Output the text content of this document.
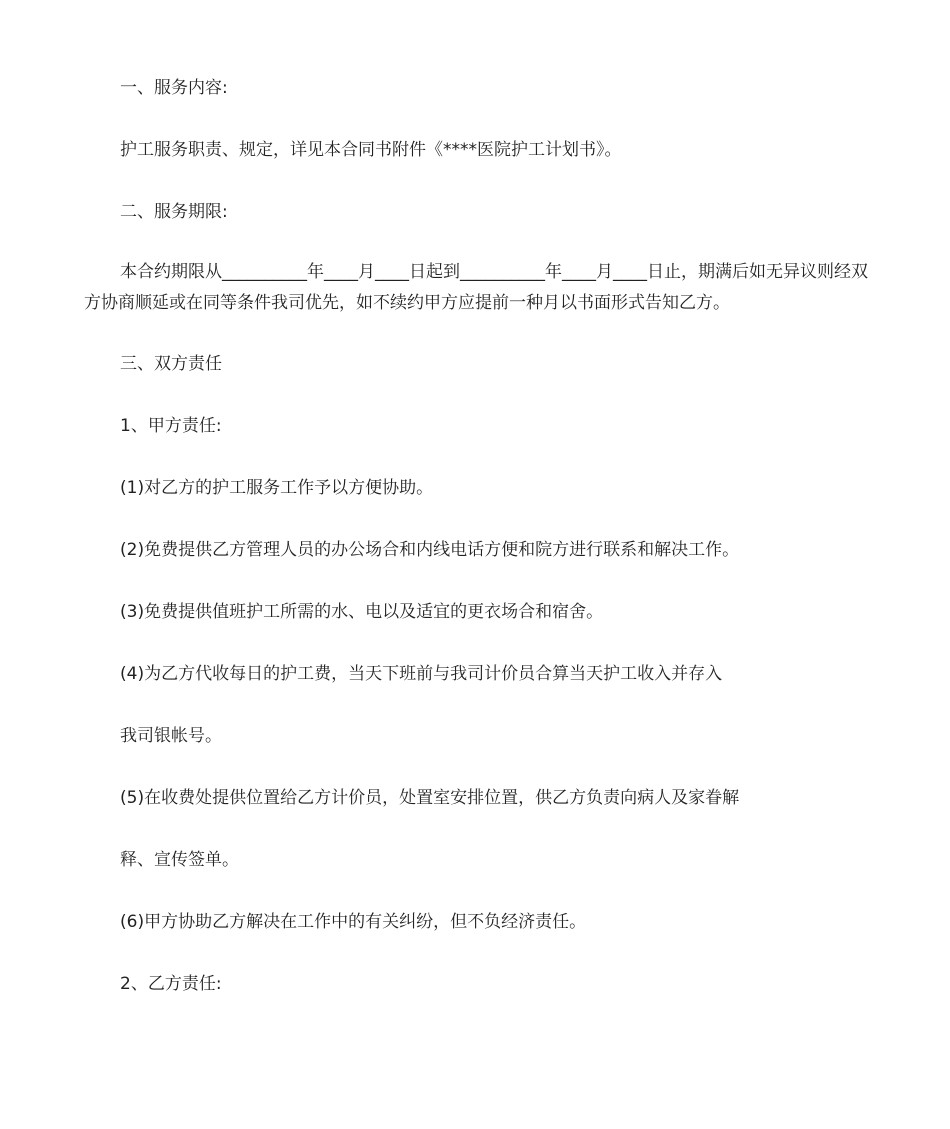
一、服务内容:
护工服务职责、规定，详见本合同书附件《****医院护工计划书》。
二、服务期限:
本合约期限从__________年____月____日起到__________年____月____日止，期满后如无异议则经双方协商顺延或在同等条件我司优先，如不续约甲方应提前一种月以书面形式告知乙方。
三、双方责任
1、甲方责任:
(1)对乙方的护工服务工作予以方便协助。
(2)免费提供乙方管理人员的办公场合和内线电话方便和院方进行联系和解决工作。
(3)免费提供值班护工所需的水、电以及适宜的更衣场合和宿舍。
(4)为乙方代收每日的护工费，当天下班前与我司计价员合算当天护工收入并存入
我司银帐号。
(5)在收费处提供位置给乙方计价员，处置室安排位置，供乙方负责向病人及家眷解
释、宣传签单。
(6)甲方协助乙方解决在工作中的有关纠纷，但不负经济责任。
2、乙方责任:
